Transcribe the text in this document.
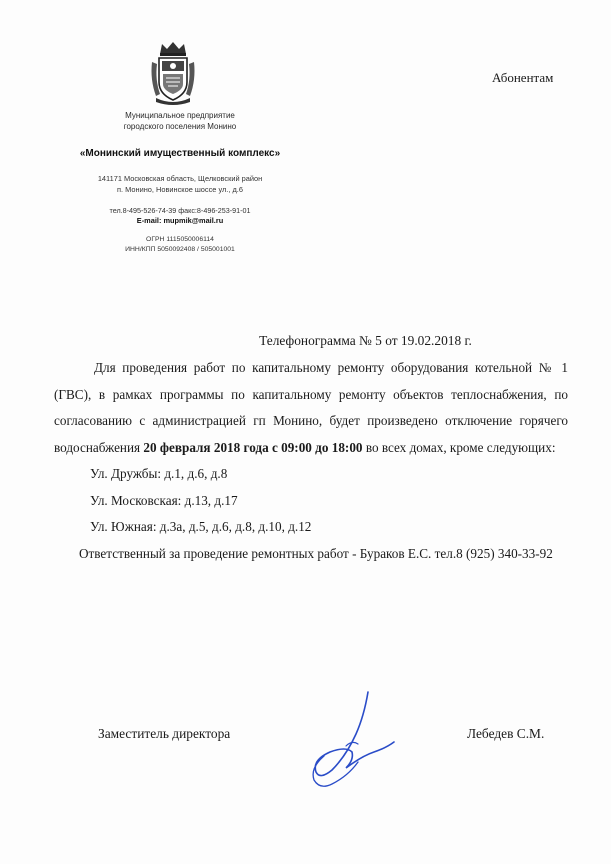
Муниципальное предприятие
городского поселения Монино
«Монинский имущественный комплекс»
141171 Московская область, Щелковский район
п. Монино, Новинское шоссе ул., д.6
тел.8-495-526-74-39 факс:8-496-253-91-01
E-mail: mupmik@mail.ru
ОГРН 1115050006114
ИНН/КПП 5050092408 / 505001001
Абонентам
Телефонограмма № 5 от 19.02.2018 г.

Для проведения работ по капитальному ремонту оборудования котельной № 1 (ГВС), в рамках программы по капитальному ремонту объектов теплоснабжения, по согласованию с администрацией гп Монино, будет произведено отключение горячего водоснабжения 20 февраля 2018 года с 09:00 до 18:00 во всех домах, кроме следующих:

Ул. Дружбы: д.1, д.6, д.8
Ул. Московская: д.13, д.17
Ул. Южная: д.3а, д.5, д.6, д.8, д.10, д.12

Ответственный за проведение ремонтных работ - Бураков Е.С. тел.8 (925) 340-33-92

Заместитель директора	Лебедев С.М.
